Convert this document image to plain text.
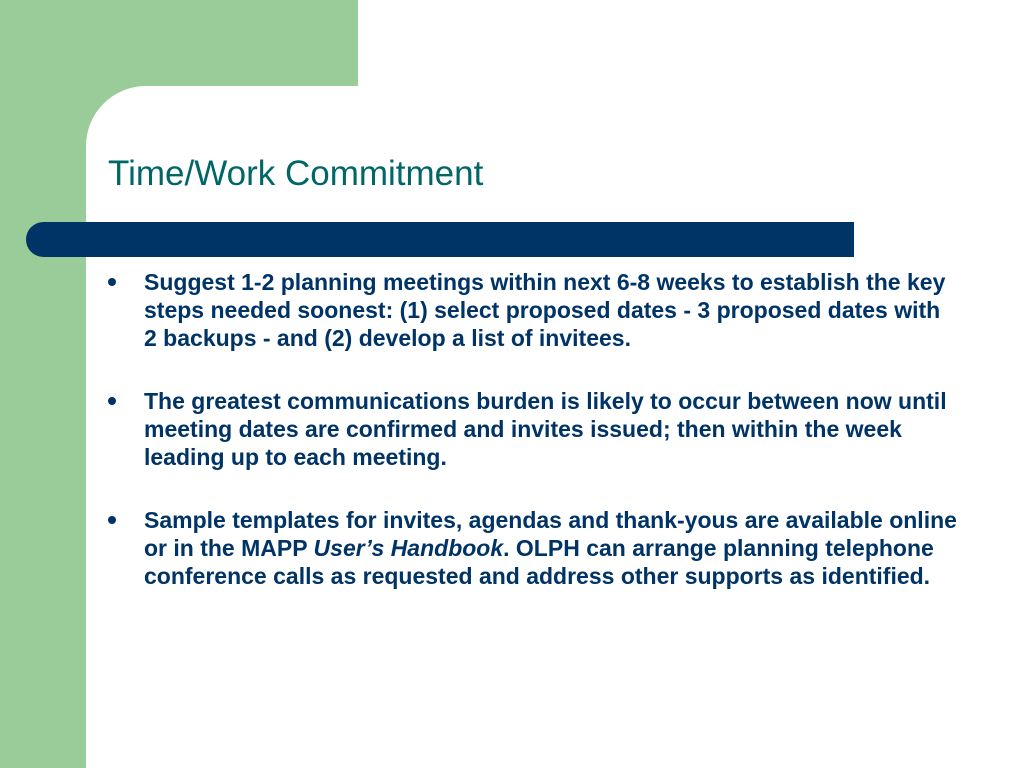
Time/Work Commitment
Suggest 1-2 planning meetings within next 6-8 weeks to establish the key steps needed soonest: (1) select proposed dates - 3 proposed dates with 2 backups - and (2) develop a list of invitees.
The greatest communications burden is likely to occur between now until meeting dates are confirmed and invites issued; then within the week leading up to each meeting.
Sample templates for invites, agendas and thank-yous are available online or in the MAPP User’s Handbook. OLPH can arrange planning telephone conference calls as requested and address other supports as identified.
